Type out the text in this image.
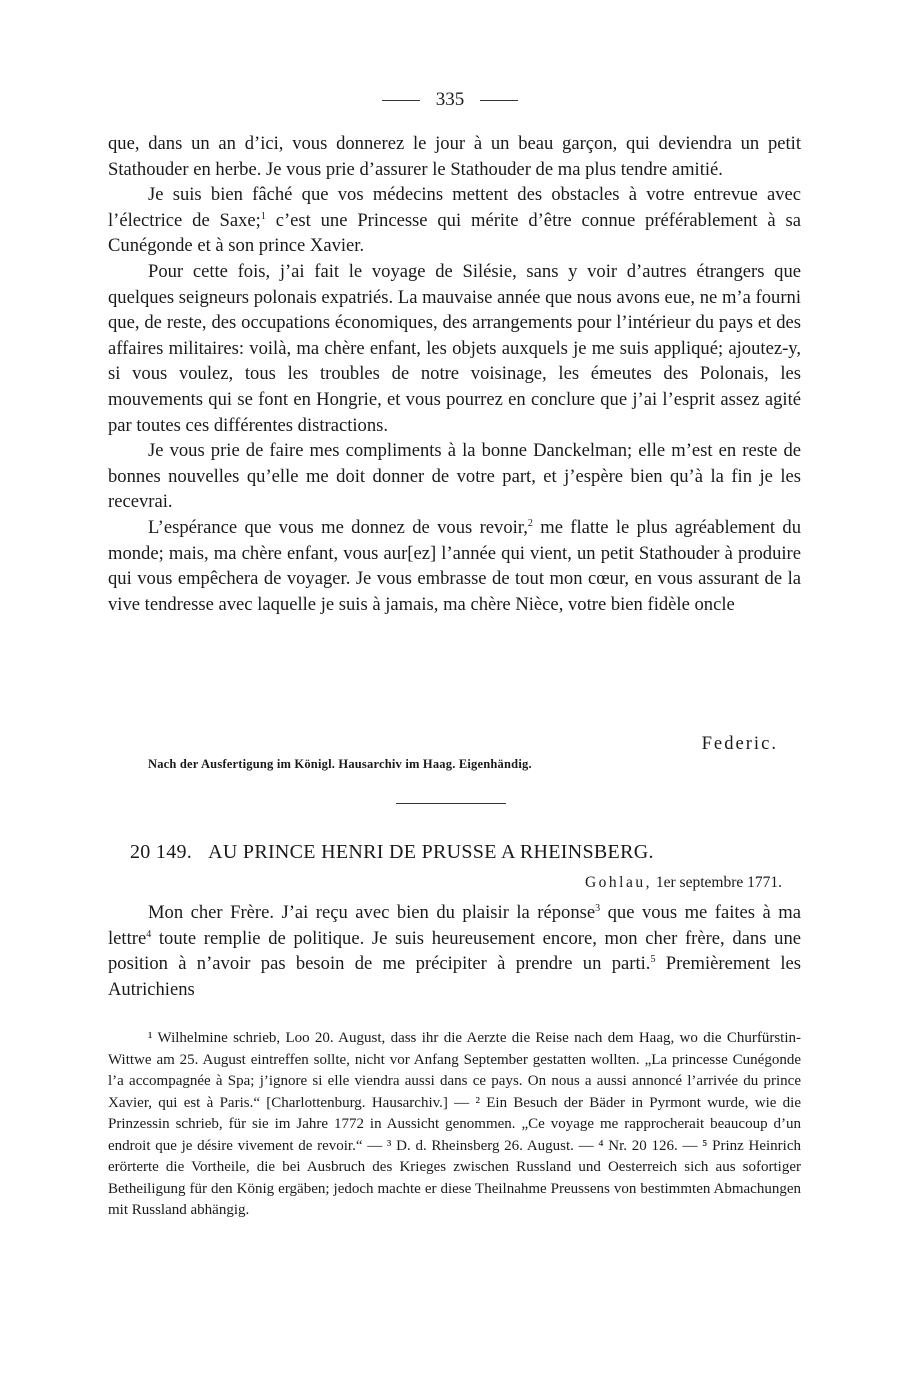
335

que, dans un an d’ici, vous donnerez le jour à un beau garçon, qui deviendra un petit Stathouder en herbe. Je vous prie d’assurer le Stathouder de ma plus tendre amitié.

Je suis bien fâché que vos médecins mettent des obstacles à votre entrevue avec l’électrice de Saxe;$^1$ c’est une Princesse qui mérite d’être connue préférablement à sa Cunégonde et à son prince Xavier.

Pour cette fois, j’ai fait le voyage de Silésie, sans y voir d’autres étrangers que quelques seigneurs polonais expatriés. La mauvaise année que nous avons eue, ne m’a fourni que, de reste, des occupations économiques, des arrangements pour l’intérieur du pays et des affaires militaires: voilà, ma chère enfant, les objets auxquels je me suis appliqué; ajoutez-y, si vous voulez, tous les troubles de notre voisinage, les émeutes des Polonais, les mouvements qui se font en Hongrie, et vous pourrez en conclure que j’ai l’esprit assez agité par toutes ces différentes distractions.

Je vous prie de faire mes compliments à la bonne Danckelman; elle m’est en reste de bonnes nouvelles qu’elle me doit donner de votre part, et j’espère bien qu’à la fin je les recevrai.

L’espérance que vous me donnez de vous revoir,$^2$ me flatte le plus agréablement du monde; mais, ma chère enfant, vous aur[ez] l’année qui vient, un petit Stathouder à produire qui vous empêchera de voyager. Je vous embrasse de tout mon cœur, en vous assurant de la vive tendresse avec laquelle je suis à jamais, ma chère Nièce, votre bien fidèle oncle

Federic.
Nach der Ausfertigung im Königl. Hausarchiv im Haag. Eigenhändig.
20 149. AU PRINCE HENRI DE PRUSSE A RHEINSBERG.
Gohlau, 1er septembre 1771.

Mon cher Frère. J’ai reçu avec bien du plaisir la réponse$^3$ que vous me faites à ma lettre$^4$ toute remplie de politique. Je suis heureusement encore, mon cher frère, dans une position à n’avoir pas besoin de me précipiter à prendre un parti.$^5$ Premièrement les Autrichiens

¹ Wilhelmine schrieb, Loo 20. August, dass ihr die Aerzte die Reise nach dem Haag, wo die Churfürstin-Wittwe am 25. August eintreffen sollte, nicht vor Anfang September gestatten wollten. „La princesse Cunégonde l’a accompagnée à Spa; j’ignore si elle viendra aussi dans ce pays. On nous a aussi annoncé l’arrivée du prince Xavier, qui est à Paris.“ [Charlottenburg. Hausarchiv.] — ² Ein Besuch der Bäder in Pyrmont wurde, wie die Prinzessin schrieb, für sie im Jahre 1772 in Aussicht genommen. „Ce voyage me rapprocherait beaucoup d’un endroit que je désire vivement de revoir.“ — ³ D. d. Rheinsberg 26. August. — ⁴ Nr. 20 126. — ⁵ Prinz Heinrich erörterte die Vortheile, die bei Ausbruch des Krieges zwischen Russland und Oesterreich sich aus sofortiger Betheiligung für den König ergäben; jedoch machte er diese Theilnahme Preussens von bestimmten Abmachungen mit Russland abhängig.
